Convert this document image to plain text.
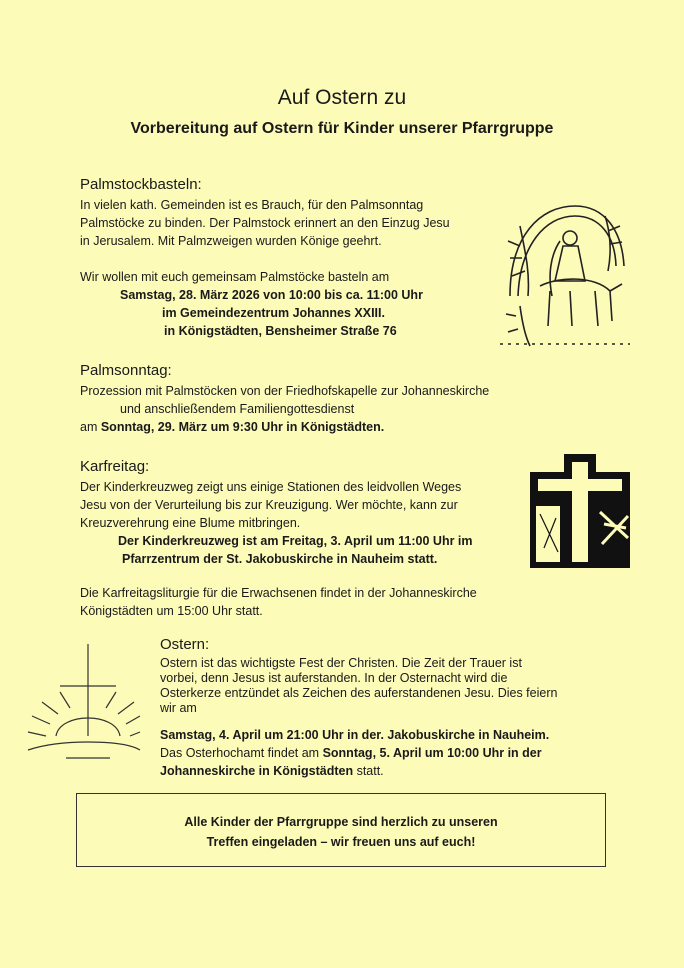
Auf Ostern zu
Vorbereitung auf Ostern für Kinder unserer Pfarrgruppe
Palmstockbasteln:
In vielen kath. Gemeinden ist es Brauch, für den Palmsonntag
Palmstöcke zu binden. Der Palmstock erinnert an den Einzug Jesu
in Jerusalem. Mit Palmzweigen wurden Könige geehrt.
Wir wollen mit euch gemeinsam Palmstöcke basteln am
Samstag, 28. März 2026 von 10:00 bis ca. 11:00 Uhr
im Gemeindezentrum Johannes XXIII.
in Königstädten, Bensheimer Straße 76
Palmsonntag:
Prozession mit Palmstöcken von der Friedhofskapelle zur Johanneskirche
und anschließendem Familiengottesdienst
am Sonntag, 29. März um 9:30 Uhr in Königstädten.
Karfreitag:
Der Kinderkreuzweg zeigt uns einige Stationen des leidvollen Weges
Jesu von der Verurteilung bis zur Kreuzigung. Wer möchte, kann zur
Kreuzverehrung eine Blume mitbringen.
Der Kinderkreuzweg ist am Freitag, 3. April um 11:00 Uhr im
Pfarrzentrum der St. Jakobuskirche in Nauheim statt.
Die Karfreitagsliturgie für die Erwachsenen findet in der Johanneskirche
Königstädten um 15:00 Uhr statt.
Ostern:
Ostern ist das wichtigste Fest der Christen. Die Zeit der Trauer ist
vorbei, denn Jesus ist auferstanden. In der Osternacht wird die
Osterkerze entzündet als Zeichen des auferstandenen Jesu. Dies feiern
wir am
Samstag, 4. April um 21:00 Uhr in der. Jakobuskirche in Nauheim.
Das Osterhochamt findet am Sonntag, 5. April um 10:00 Uhr in der
Johanneskirche in Königstädten statt.
Alle Kinder der Pfarrgruppe sind herzlich zu unseren
Treffen eingeladen – wir freuen uns auf euch!
